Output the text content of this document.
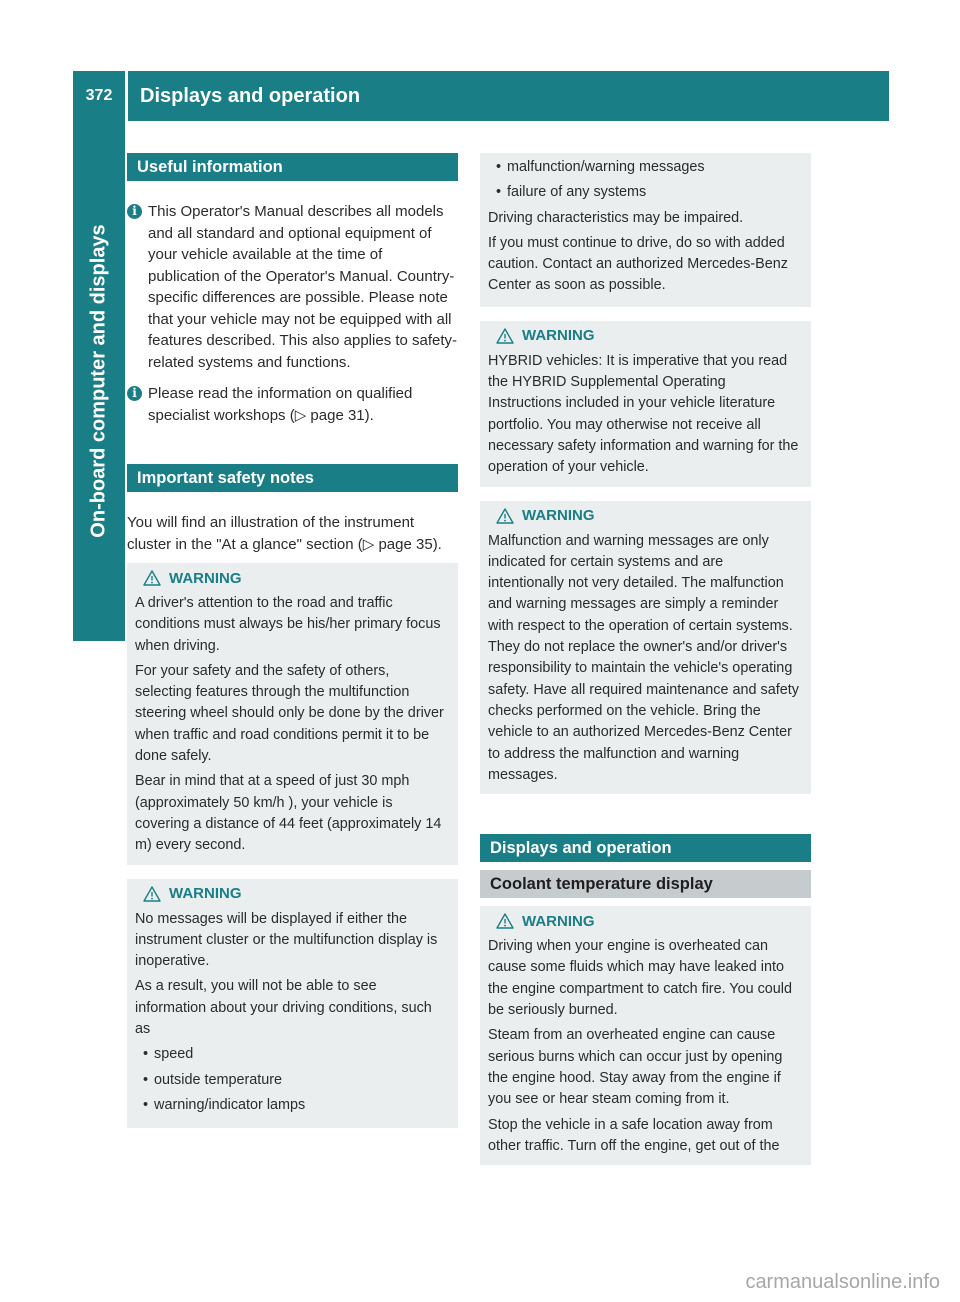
372	Displays and operation
On-board computer and displays
Useful information
i This Operator's Manual describes all models and all standard and optional equipment of your vehicle available at the time of publication of the Operator's Manual. Country-specific differences are possible. Please note that your vehicle may not be equipped with all features described. This also applies to safety-related systems and functions.
i Please read the information on qualified specialist workshops (▷ page 31).
Important safety notes

You will find an illustration of the instrument cluster in the "At a glance" section (▷ page 35).

WARNING

A driver's attention to the road and traffic conditions must always be his/her primary focus when driving.

For your safety and the safety of others, selecting features through the multifunction steering wheel should only be done by the driver when traffic and road conditions permit it to be done safely.

Bear in mind that at a speed of just 30 mph (approximately 50 km/h ), your vehicle is covering a distance of 44 feet (approximately 14 m) every second.

WARNING

No messages will be displayed if either the instrument cluster or the multifunction display is inoperative.

As a result, you will not be able to see information about your driving conditions, such as

• speed
• outside temperature
• warning/indicator lamps
• malfunction/warning messages
• failure of any systems

Driving characteristics may be impaired.

If you must continue to drive, do so with added caution. Contact an authorized Mercedes-Benz Center as soon as possible.

WARNING

HYBRID vehicles: It is imperative that you read the HYBRID Supplemental Operating Instructions included in your vehicle literature portfolio. You may otherwise not receive all necessary safety information and warning for the operation of your vehicle.

WARNING

Malfunction and warning messages are only indicated for certain systems and are intentionally not very detailed. The malfunction and warning messages are simply a reminder with respect to the operation of certain systems. They do not replace the owner's and/or driver's responsibility to maintain the vehicle's operating safety. Have all required maintenance and safety checks performed on the vehicle. Bring the vehicle to an authorized Mercedes-Benz Center to address the malfunction and warning messages.

Displays and operation
Coolant temperature display
WARNING

Driving when your engine is overheated can cause some fluids which may have leaked into the engine compartment to catch fire. You could be seriously burned.

Steam from an overheated engine can cause serious burns which can occur just by opening the engine hood. Stay away from the engine if you see or hear steam coming from it.

Stop the vehicle in a safe location away from other traffic. Turn off the engine, get out of the

carmanualsonline.info
